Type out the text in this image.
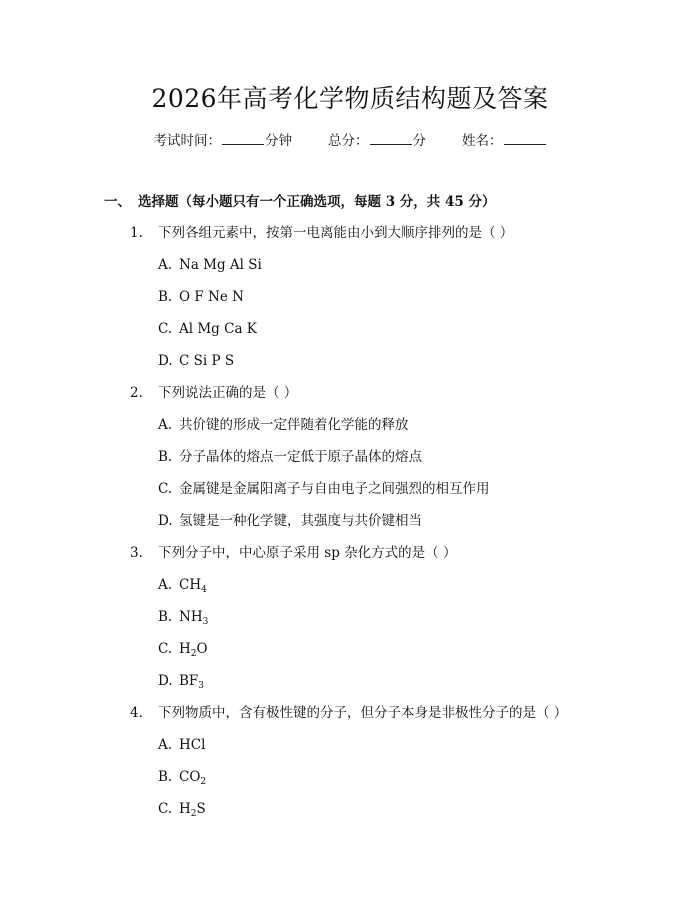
2026年高考化学物质结构题及答案
考试时间：	分钟	总分：	分	姓名：
一、 选择题（每小题只有一个正确选项，每题 3 分，共 45 分）
1.	下列各组元素中，按第一电离能由小到大顺序排列的是（ ）
A. Na Mg Al Si
B. O F Ne N
C. Al Mg Ca K
D. C Si P S
2.	下列说法正确的是（ ）
A. 共价键的形成一定伴随着化学能的释放
B. 分子晶体的熔点一定低于原子晶体的熔点
C. 金属键是金属阳离子与自由电子之间强烈的相互作用
D. 氢键是一种化学键，其强度与共价键相当
3.	下列分子中，中心原子采用 sp 杂化方式的是（ ）
A. $CH_4$
B. $NH_3$
C. $H_2O$
D. $BF_3$
4.	下列物质中，含有极性键的分子，但分子本身是非极性分子的是（ ）
A. HCl
B. $CO_2$
C. $H_2S$
